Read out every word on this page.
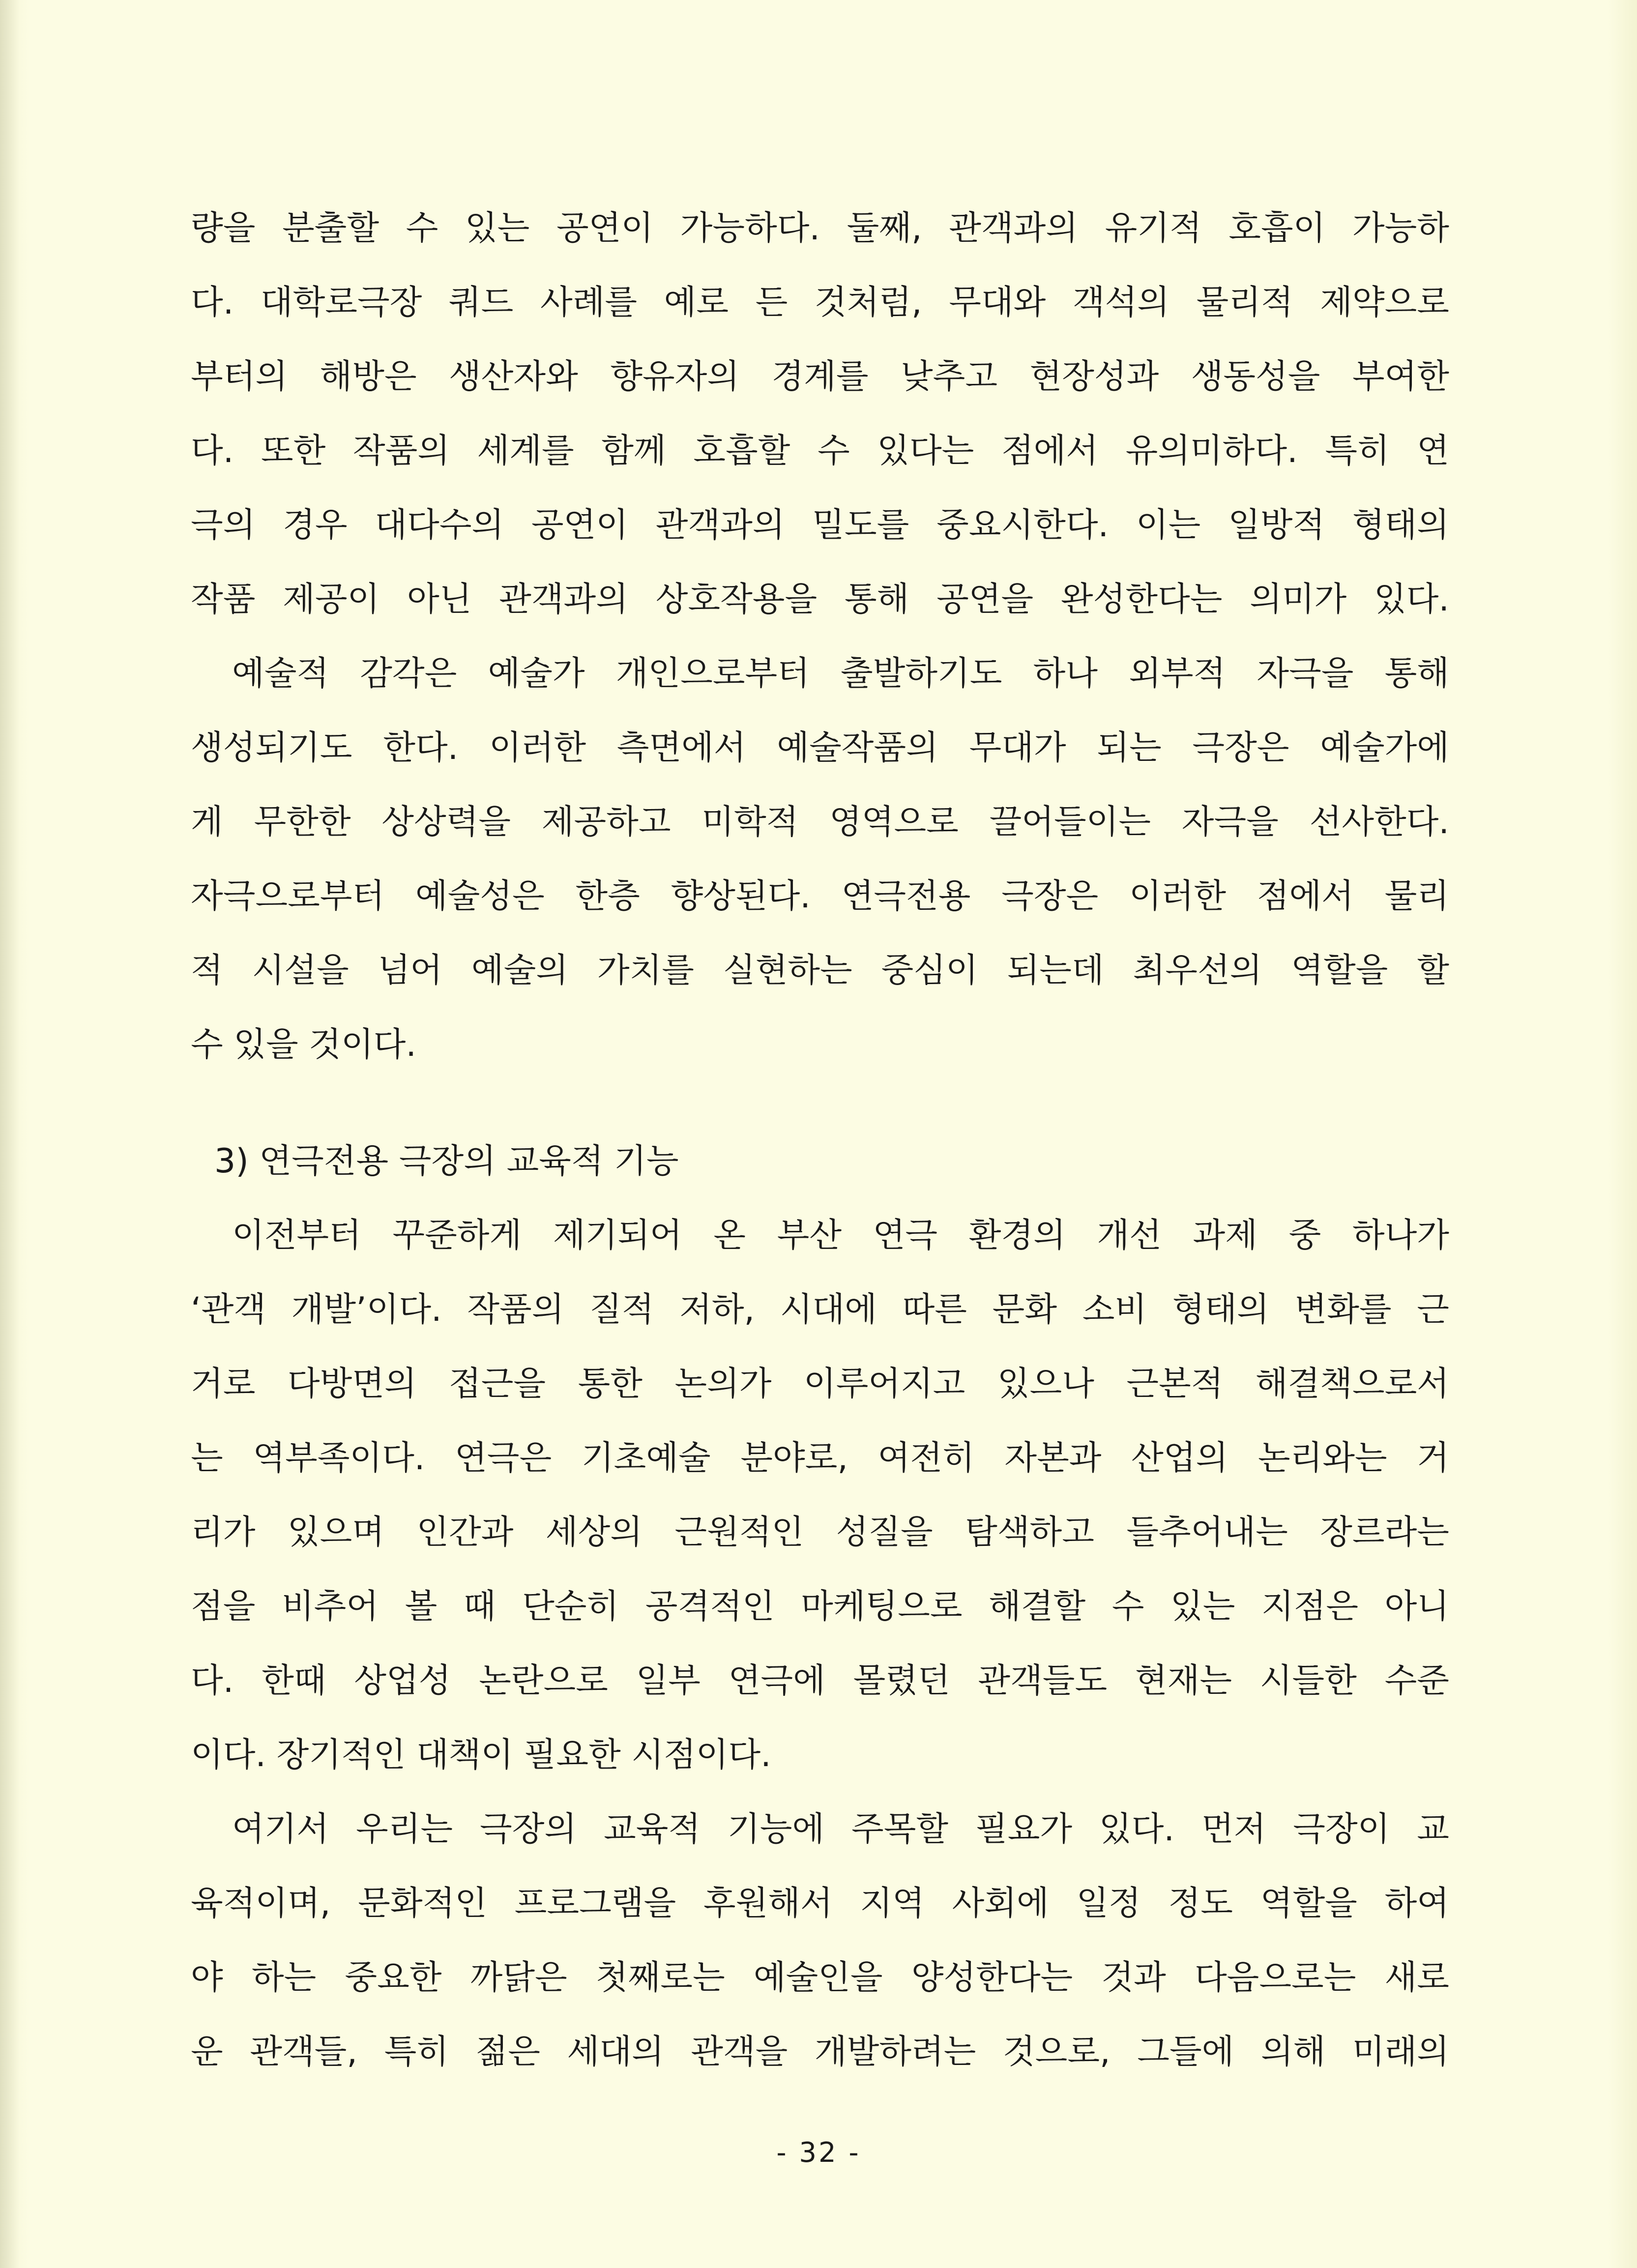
량을 분출할 수 있는 공연이 가능하다. 둘째, 관객과의 유기적 호흡이 가능하
다. 대학로극장 쿼드 사례를 예로 든 것처럼, 무대와 객석의 물리적 제약으로
부터의 해방은 생산자와 향유자의 경계를 낮추고 현장성과 생동성을 부여한
다. 또한 작품의 세계를 함께 호흡할 수 있다는 점에서 유의미하다. 특히 연
극의 경우 대다수의 공연이 관객과의 밀도를 중요시한다. 이는 일방적 형태의
작품 제공이 아닌 관객과의 상호작용을 통해 공연을 완성한다는 의미가 있다.
예술적 감각은 예술가 개인으로부터 출발하기도 하나 외부적 자극을 통해
생성되기도 한다. 이러한 측면에서 예술작품의 무대가 되는 극장은 예술가에
게 무한한 상상력을 제공하고 미학적 영역으로 끌어들이는 자극을 선사한다.
자극으로부터 예술성은 한층 향상된다. 연극전용 극장은 이러한 점에서 물리
적 시설을 넘어 예술의 가치를 실현하는 중심이 되는데 최우선의 역할을 할
수 있을 것이다.
3) 연극전용 극장의 교육적 기능
이전부터 꾸준하게 제기되어 온 부산 연극 환경의 개선 과제 중 하나가
‘관객 개발’이다. 작품의 질적 저하, 시대에 따른 문화 소비 형태의 변화를 근
거로 다방면의 접근을 통한 논의가 이루어지고 있으나 근본적 해결책으로서
는 역부족이다. 연극은 기초예술 분야로, 여전히 자본과 산업의 논리와는 거
리가 있으며 인간과 세상의 근원적인 성질을 탐색하고 들추어내는 장르라는
점을 비추어 볼 때 단순히 공격적인 마케팅으로 해결할 수 있는 지점은 아니
다. 한때 상업성 논란으로 일부 연극에 몰렸던 관객들도 현재는 시들한 수준
이다. 장기적인 대책이 필요한 시점이다.
여기서 우리는 극장의 교육적 기능에 주목할 필요가 있다. 먼저 극장이 교
육적이며, 문화적인 프로그램을 후원해서 지역 사회에 일정 정도 역할을 하여
야 하는 중요한 까닭은 첫째로는 예술인을 양성한다는 것과 다음으로는 새로
운 관객들, 특히 젊은 세대의 관객을 개발하려는 것으로, 그들에 의해 미래의
- 32 -
